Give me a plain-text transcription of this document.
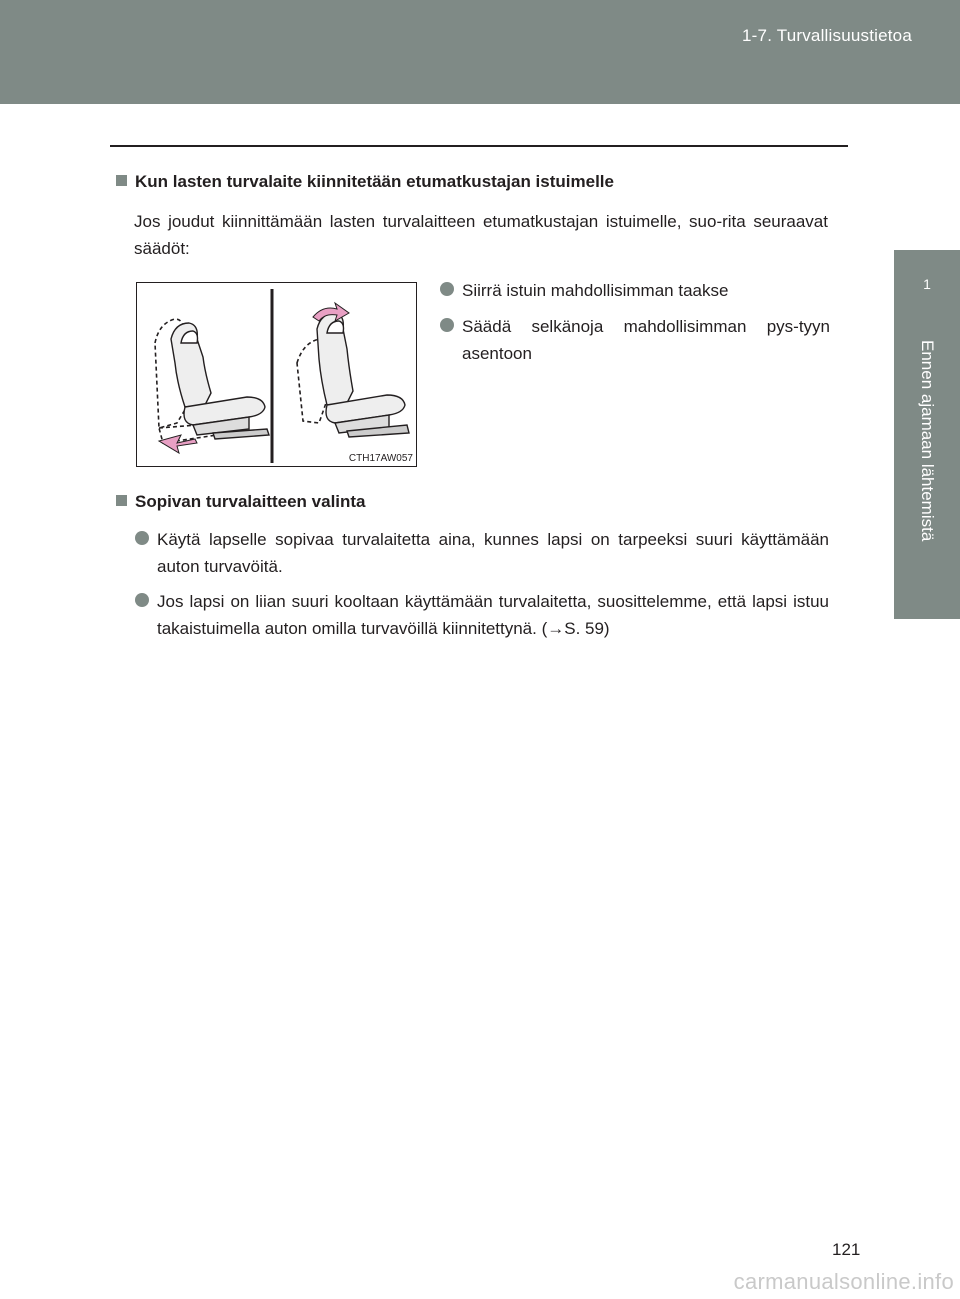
1-7. Turvallisuustietoa
1
Ennen ajamaan lähtemistä
Kun lasten turvalaite kiinnitetään etumatkustajan istuimelle
Jos joudut kiinnittämään lasten turvalaitteen etumatkustajan istuimelle, suo-rita seuraavat säädöt:
CTH17AW057
Siirrä istuin mahdollisimman taakse
Säädä selkänoja mahdollisimman pys-tyyn asentoon
Sopivan turvalaitteen valinta
Käytä lapselle sopivaa turvalaitetta aina, kunnes lapsi on tarpeeksi suuri käyttämään auton turvavöitä.
Jos lapsi on liian suuri kooltaan käyttämään turvalaitetta, suosittelemme, että lapsi istuu takaistuimella auton omilla turvavöillä kiinnitettynä. (→S. 59)
121
carmanualsonline.info
